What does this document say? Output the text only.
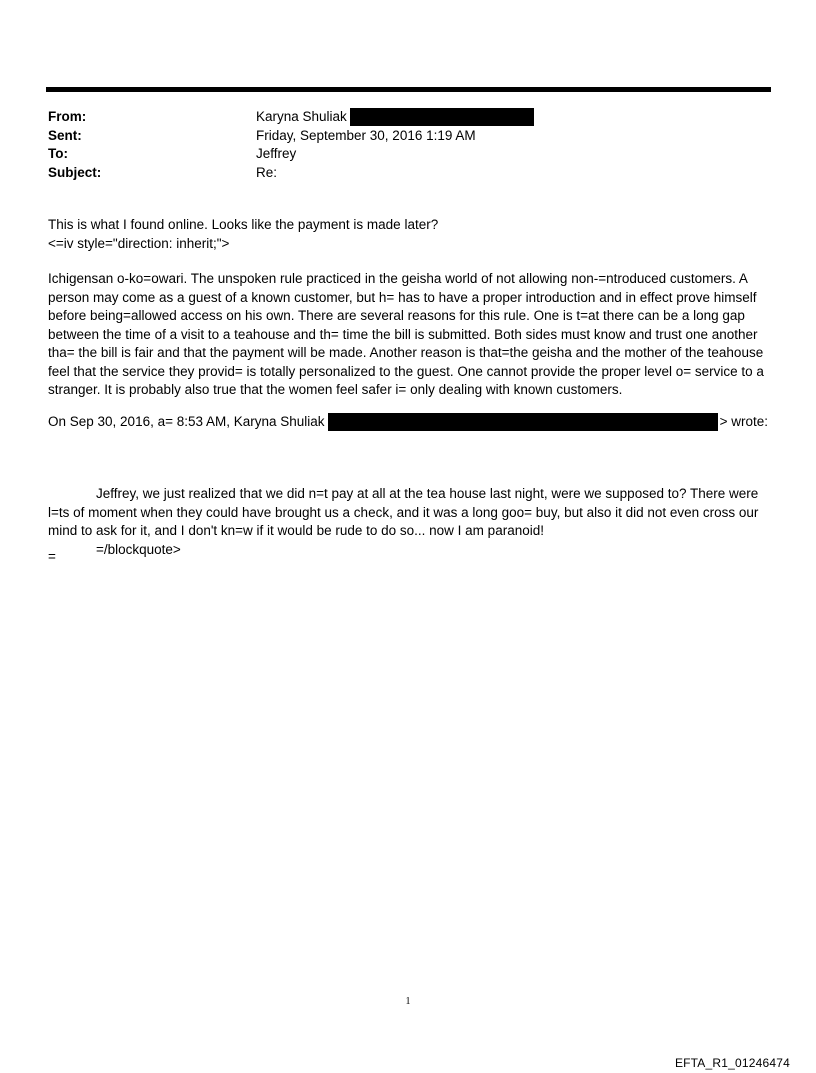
From:	Karyna Shuliak
Sent:	Friday, September 30, 2016 1:19 AM
To:	Jeffrey
Subject:	Re:
This is what I found online. Looks like the payment is made later?
<=iv style="direction: inherit;">

Ichigensan o-ko=owari. The unspoken rule practiced in the geisha world of not allowing non-=ntroduced customers. A person may come as a guest of a known customer, but h= has to have a proper introduction and in effect prove himself before being=allowed access on his own. There are several reasons for this rule. One is t=at there can be a long gap between the time of a visit to a teahouse and th= time the bill is submitted. Both sides must know and trust one another tha= the bill is fair and that the payment will be made. Another reason is that=the geisha and the mother of the teahouse feel that the service they provid= is totally personalized to the guest. One cannot provide the proper level o= service to a stranger. It is probably also true that the women feel safer i= only dealing with known customers.

On Sep 30, 2016, a= 8:53 AM, Karyna Shuliak	> wrote:
Jeffrey, we just realized that we did n=t pay at all at the tea house last night, were we supposed to? There were l=ts of moment when they could have brought us a check, and it was a long goo= buy, but also it did not even cross our mind to ask for it, and I don't kn=w if it would be rude to do so... now I am paranoid!
=/blockquote>
=
1
EFTA_R1_01246474
